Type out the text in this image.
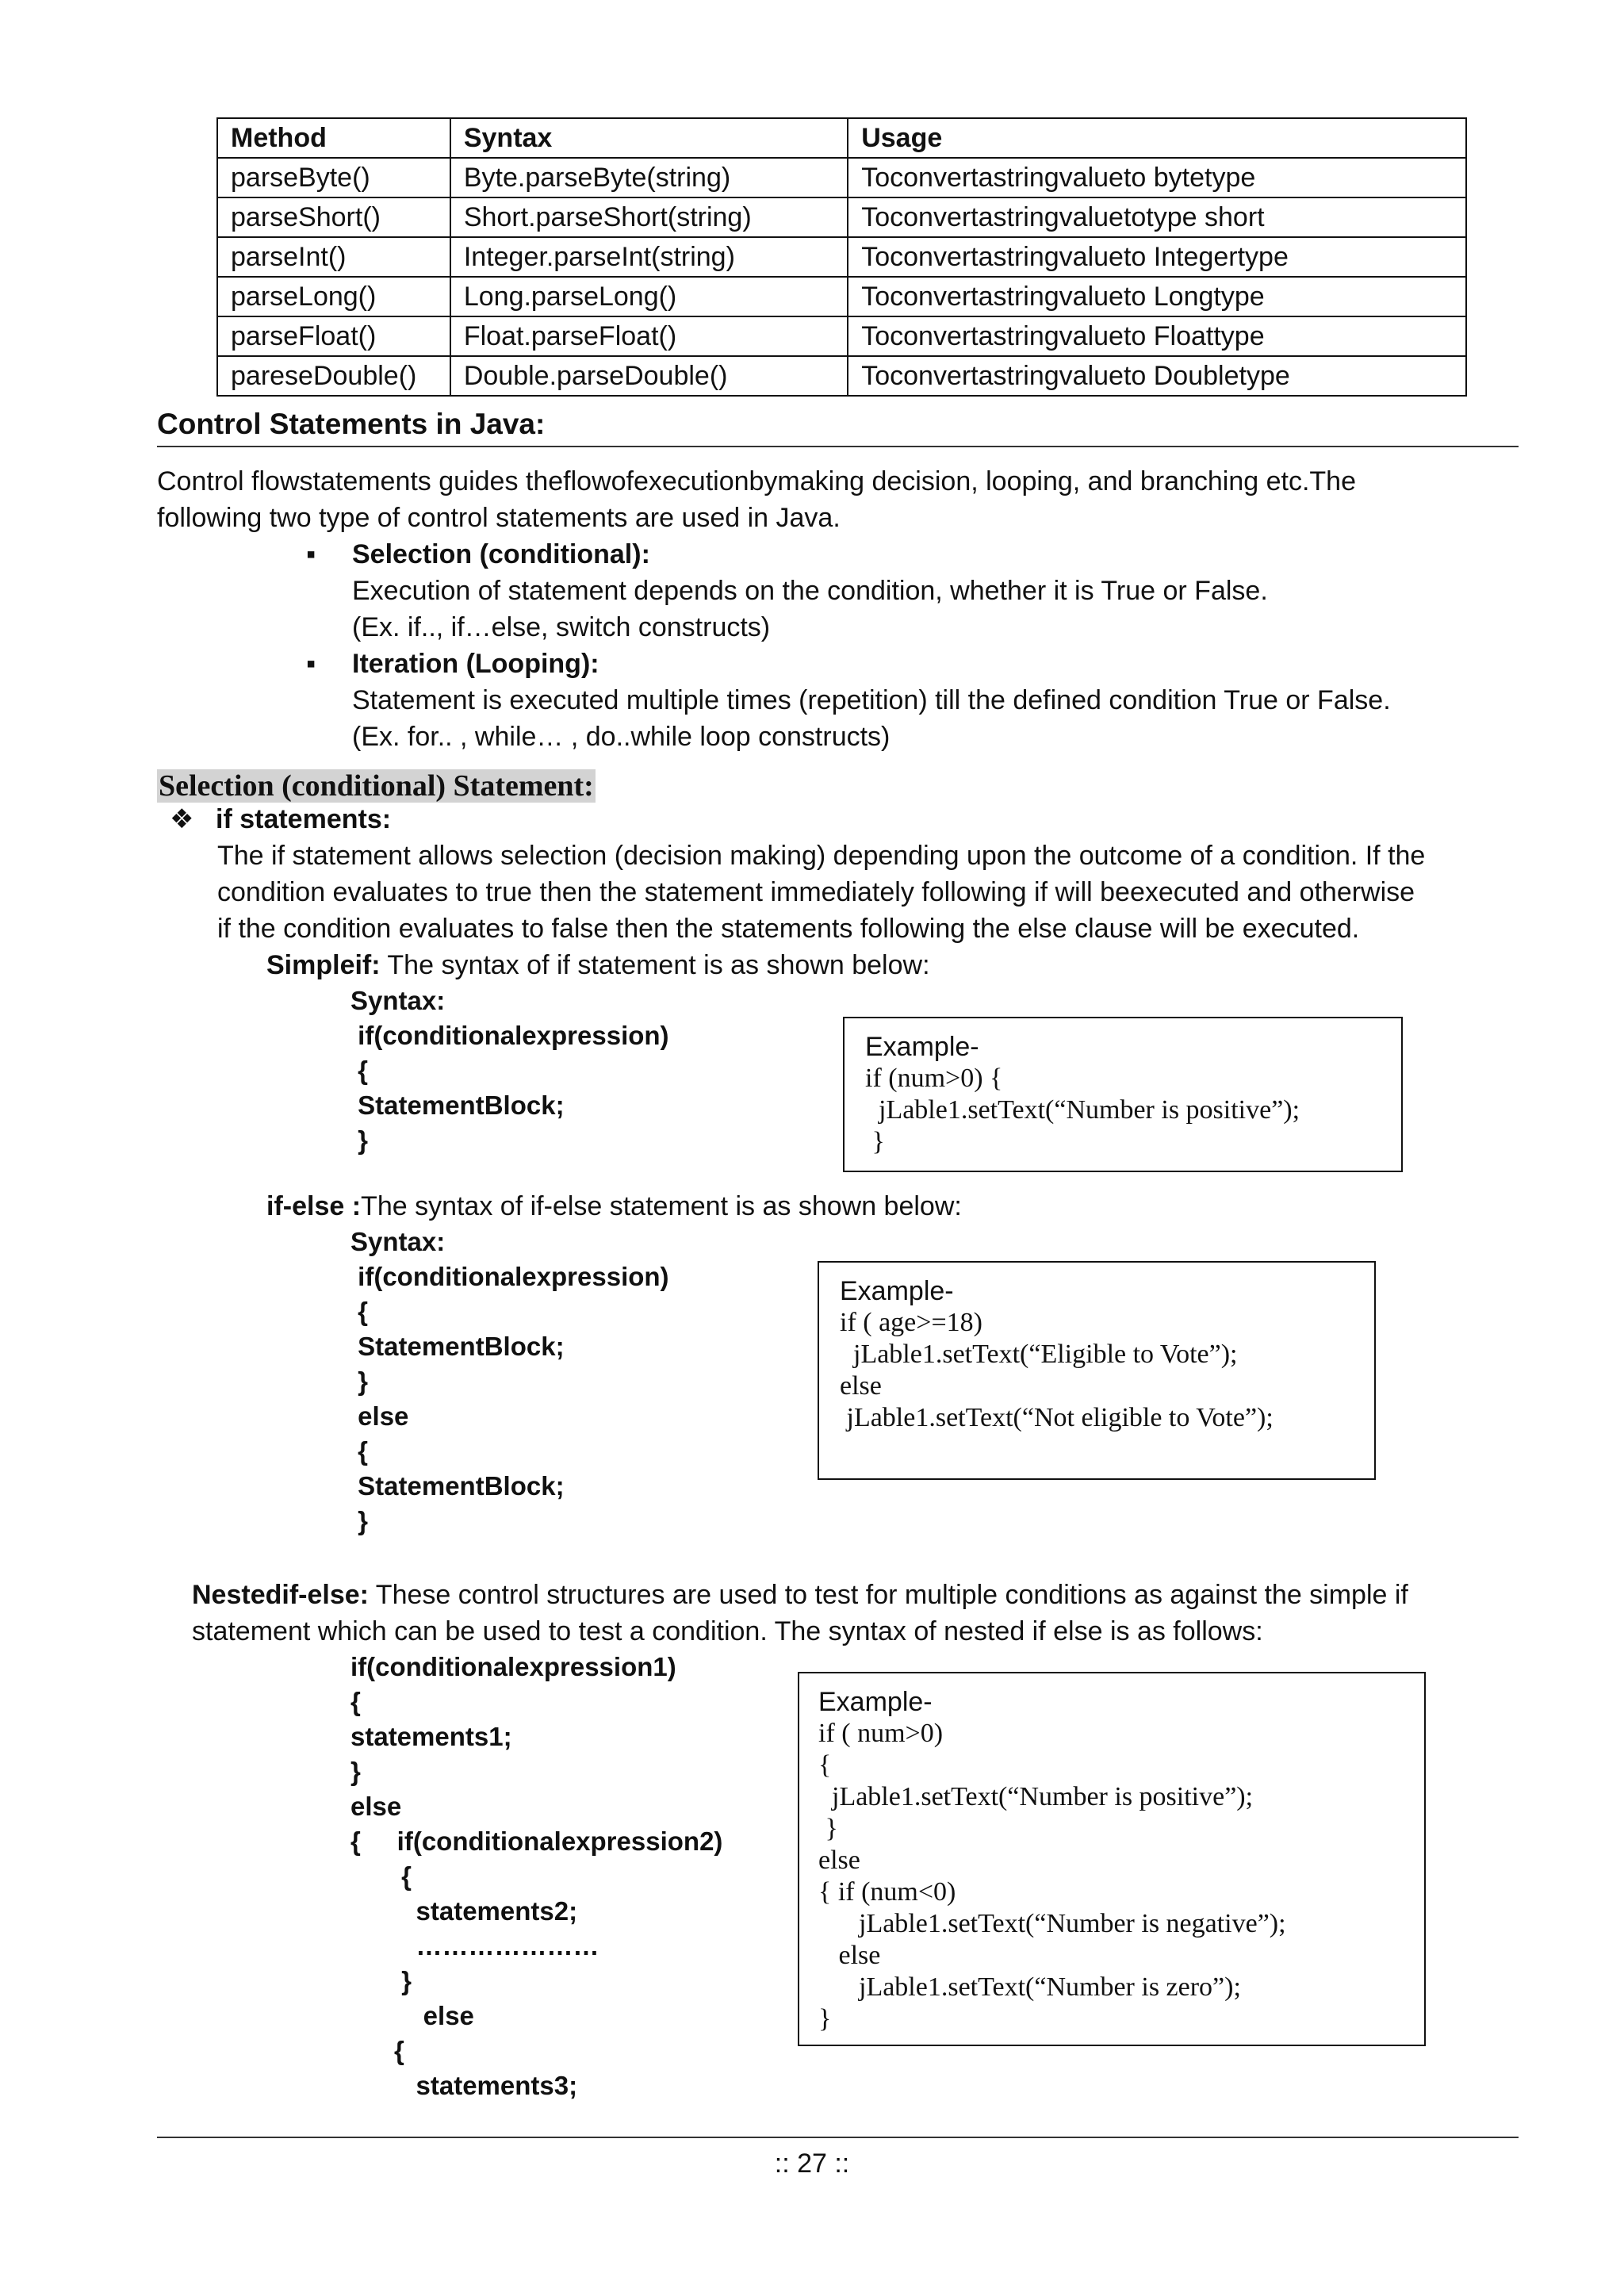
Method	Syntax	Usage
parseByte()	Byte.parseByte(string)	Toconvertastringvalueto bytetype
parseShort()	Short.parseShort(string)	Toconvertastringvaluetotype short
parseInt()	Integer.parseInt(string)	Toconvertastringvalueto Integertype
parseLong()	Long.parseLong()	Toconvertastringvalueto Longtype
parseFloat()	Float.parseFloat()	Toconvertastringvalueto Floattype
pareseDouble()	Double.parseDouble()	Toconvertastringvalueto Doubletype
Control Statements in Java:
Control flowstatements guides theflowofexecutionbymaking decision, looping, and branching etc.The
following two type of control statements are used in Java.
▪ Selection (conditional):
Execution of statement depends on the condition, whether it is True or False.
(Ex. if.., if…else, switch constructs)
▪ Iteration (Looping):
Statement is executed multiple times (repetition) till the defined condition True or False.
(Ex. for.. , while… , do..while loop constructs)
Selection (conditional) Statement:
❖ if statements:
The if statement allows selection (decision making) depending upon the outcome of a condition. If the
condition evaluates to true then the statement immediately following if will beexecuted and otherwise
if the condition evaluates to false then the statements following the else clause will be executed.
Simpleif: The syntax of if statement is as shown below:
Syntax:
if(conditionalexpression)
{
StatementBlock;
}
Example-
if (num>0) {
jLable1.setText(“Number is positive”);
}
if-else :The syntax of if-else statement is as shown below:
Syntax:
if(conditionalexpression)
{
StatementBlock;
}
else
{
StatementBlock;
}
Example-
if ( age>=18)
jLable1.setText(“Eligible to Vote”);
else
jLable1.setText(“Not eligible to Vote”);
Nestedif-else: These control structures are used to test for multiple conditions as against the simple if
statement which can be used to test a condition. The syntax of nested if else is as follows:
if(conditionalexpression1)
{
statements1;
}
else
{     if(conditionalexpression2)
{
statements2;
…………………
}
else
{
statements3;
Example-
if ( num>0)
{
jLable1.setText(“Number is positive”);
}
else
{ if (num<0)
jLable1.setText(“Number is negative”);
else
jLable1.setText(“Number is zero”);
}
:: 27 ::
